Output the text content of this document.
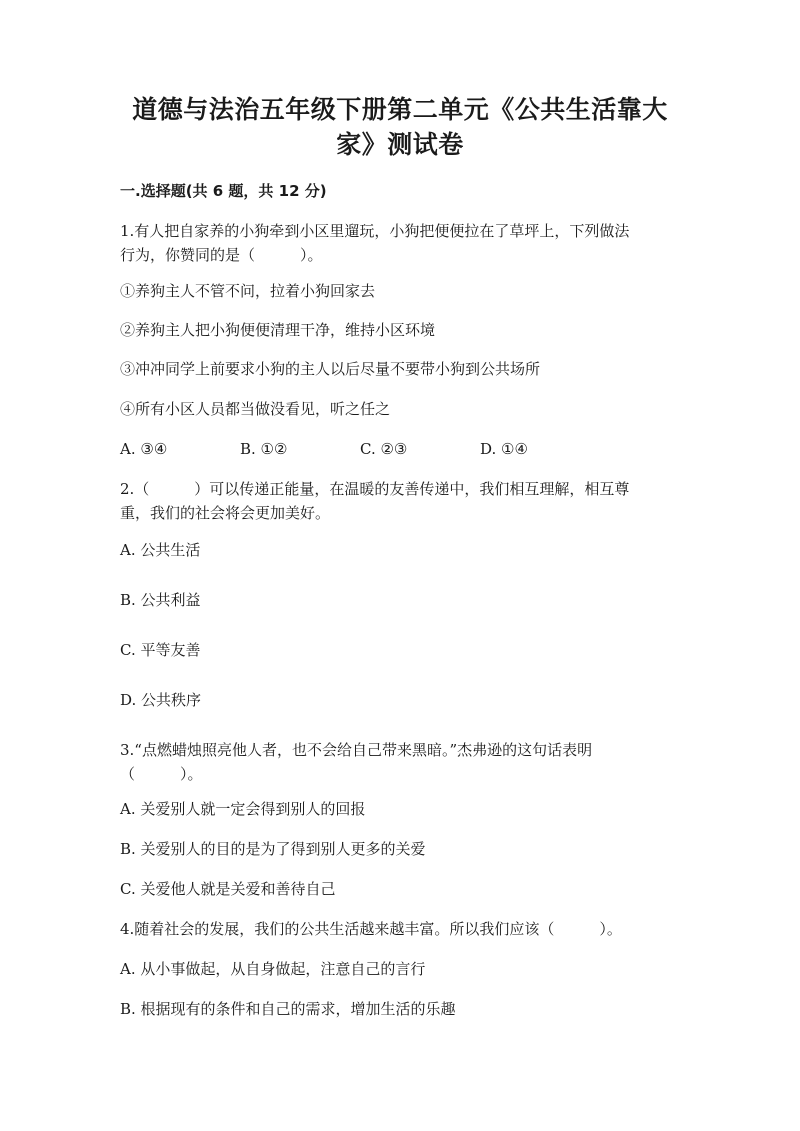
道德与法治五年级下册第二单元《公共生活靠大
家》测试卷
一.选择题(共 6 题，共 12 分)
1.有人把自家养的小狗牵到小区里遛玩，小狗把便便拉在了草坪上，下列做法
行为，你赞同的是（　　　）。
①养狗主人不管不问，拉着小狗回家去
②养狗主人把小狗便便清理干净，维持小区环境
③冲冲同学上前要求小狗的主人以后尽量不要带小狗到公共场所
④所有小区人员都当做没看见，听之任之
A. ③④	B. ①②	C. ②③	D. ①④
2.（　　　）可以传递正能量，在温暖的友善传递中，我们相互理解，相互尊
重，我们的社会将会更加美好。
A. 公共生活
B. 公共利益
C. 平等友善
D. 公共秩序
3.“点燃蜡烛照亮他人者，也不会给自己带来黑暗。”杰弗逊的这句话表明
（　　　）。
A. 关爱别人就一定会得到别人的回报
B. 关爱别人的目的是为了得到别人更多的关爱
C. 关爱他人就是关爱和善待自己
4.随着社会的发展，我们的公共生活越来越丰富。所以我们应该（　　　）。
A. 从小事做起，从自身做起，注意自己的言行
B. 根据现有的条件和自己的需求，增加生活的乐趣
